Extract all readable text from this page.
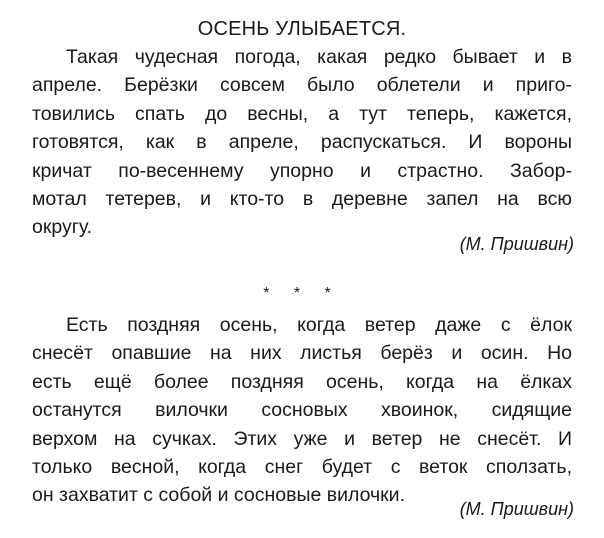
ОСЕНЬ УЛЫБАЕТСЯ.
Такая чудесная погода, какая редко бывает и в
апреле. Берёзки совсем было облетели и приго-
товились спать до весны, а тут теперь, кажется,
готовятся, как в апреле, распускаться. И вороны
кричат по-весеннему упорно и страстно. Забор-
мотал тетерев, и кто-то в деревне запел на всю
округу.
(М. Пришвин)
* * *
Есть поздняя осень, когда ветер даже с ёлок
снесёт опавшие на них листья берёз и осин. Но
есть ещё более поздняя осень, когда на ёлках
останутся вилочки сосновых хвоинок, сидящие
верхом на сучках. Этих уже и ветер не снесёт. И
только весной, когда снег будет с веток сползать,
он захватит с собой и сосновые вилочки.
(М. Пришвин)
